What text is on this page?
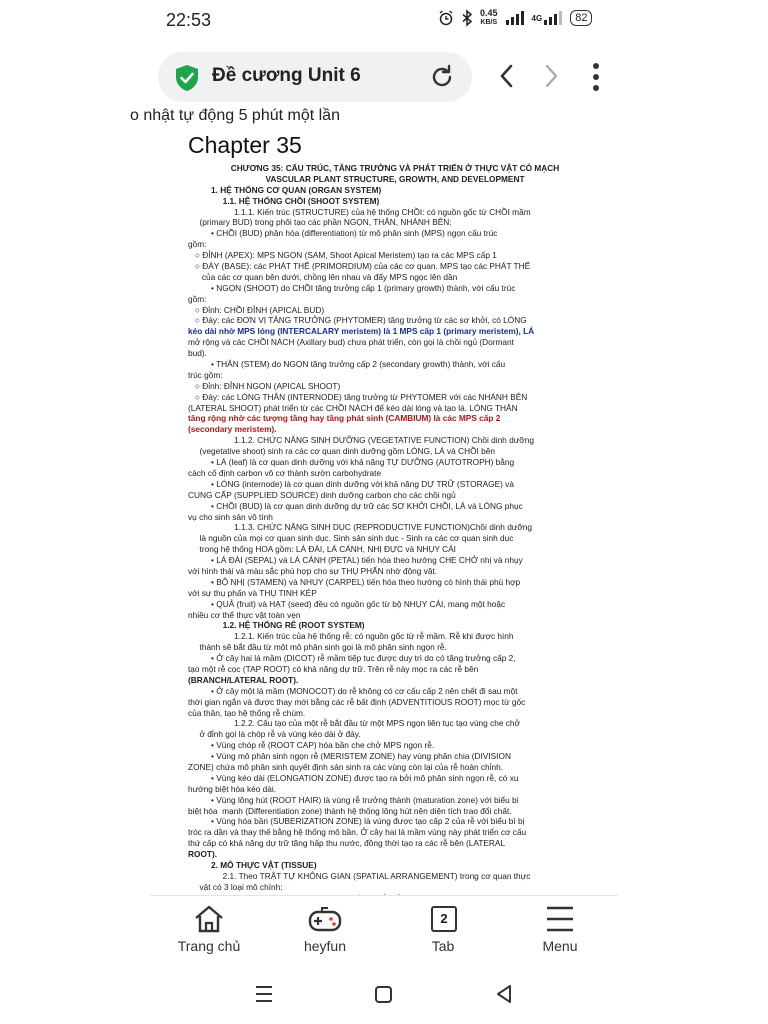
22:53	0.45
KB/S	4G	82
Đề cương Unit 6
o nhật tự động 5 phút một lần
Chapter 35
CHƯƠNG 35: CẤU TRÚC, TĂNG TRƯỞNG VÀ PHÁT TRIỂN Ở THỰC VẬT CÓ MẠCH
VASCULAR PLANT STRUCTURE, GROWTH, AND DEVELOPMENT
1. HỆ THỐNG CƠ QUAN (ORGAN SYSTEM)
1.1. HỆ THỐNG CHỒI (SHOOT SYSTEM)
1.1.1. Kiến trúc (STRUCTURE) của hệ thống CHỒI: có nguồn gốc từ CHỒI mầm
(primary BUD) trong phôi tạo các phần NGỌN, THÂN, NHÁNH BÊN:
• CHỒI (BUD) phân hóa (differentiation) từ mô phân sinh (MPS) ngọn cấu trúc
gồm:
○ ĐỈNH (APEX): MPS NGỌN (SAM, Shoot Apical Meristem) tạo ra các MPS cấp 1
○ ĐÁY (BASE): các PHÁT THỂ (PRIMORDIUM) của các cơ quan. MPS tạo các PHÁT THỂ
của các cơ quan bên dưới, chồng lên nhau và đẩy MPS ngọc lên dần
• NGỌN (SHOOT) do CHỒI tăng trưởng cấp 1 (primary growth) thành, với cấu trúc
gồm:
○ Đỉnh: CHỒI ĐỈNH (APICAL BUD)
○ Đáy: các ĐƠN VỊ TĂNG TRƯỞNG (PHYTOMER) tăng trưởng từ các sơ khởi, có LÓNG
kéo dài nhờ MPS lóng (INTERCALARY meristem) là 1 MPS cấp 1 (primary meristem), LÁ
mở rộng và các CHỒI NÁCH (Axillary bud) chưa phát triển, còn gọi là chồi ngủ (Dormant
bud).
• THÂN (STEM) do NGỌN tăng trưởng cấp 2 (secondary growth) thành, với cấu
trúc gồm:
○ Đỉnh: ĐỈNH NGỌN (APICAL SHOOT)
○ Đáy: các LÓNG THÂN (INTERNODE) tăng trưởng từ PHYTOMER với các NHÁNH BÊN
(LATERAL SHOOT) phát triển từ các CHỒI NÁCH để kéo dài lóng và tạo lá. LÓNG THÂN
tăng rộng nhờ các tượng tầng hay tầng phát sinh (CAMBIUM) là các MPS cấp 2
(secondary meristem).
1.1.2. CHỨC NĂNG SINH DƯỠNG (VEGETATIVE FUNCTION) Chồi dinh dưỡng
(vegetative shoot) sinh ra các cơ quan dinh dưỡng gồm LÓNG, LÁ và CHỒI bên
• LÁ (leaf) là cơ quan dinh dưỡng với khả năng TỰ DƯỠNG (AUTOTROPH) bằng
cách cố định carbon vô cơ thành sườn carbohydrate
• LÓNG (internode) là cơ quan dinh dưỡng với khả năng DỰ TRỮ (STORAGE) và
CUNG CẤP (SUPPLIED SOURCE) dinh dưỡng carbon cho các chồi ngủ
• CHỒI (BUD) là cơ quan dinh dưỡng dự trữ các SƠ KHỞI CHỒI, LÁ và LÓNG phục
vụ cho sinh sản vô tính
1.1.3. CHỨC NĂNG SINH DỤC (REPRODUCTIVE FUNCTION)Chồi dinh dưỡng
là nguồn của mọi cơ quan sinh dục. Sinh sản sinh dục - Sinh ra các cơ quan sinh dục
trong hệ thống HOA gồm: LÁ ĐÀI, LÁ CÁNH, NHỊ ĐỰC và NHỤY CÁI
• LÁ ĐÀI (SEPAL) và LÁ CÁNH (PETAL) tiến hóa theo hướng CHE CHỞ nhị và nhụy
với hình thái và màu sắc phù hợp cho sự THỤ PHẤN nhờ động vật.
• BỘ NHỊ (STAMEN) và NHỤY (CARPEL) tiến hóa theo hướng có hình thái phù hợp
với sự thụ phấn và THỤ TINH KÉP
• QUẢ (fruit) và HẠT (seed) đều có nguồn gốc từ bộ NHỤY CÁI, mang một hoặc
nhiều cơ thể thực vật toàn vẹn
1.2. HỆ THỐNG RỄ (ROOT SYSTEM)
1.2.1. Kiến trúc của hệ thống rễ: có nguồn gốc từ rễ mầm. Rễ khi được hình
thành sẽ bắt đầu từ một mô phân sinh gọi là mô phân sinh ngọn rễ.
• Ở cây hai lá mầm (DICOT) rễ mầm tiếp tục được duy trì do có tăng trưởng cấp 2,
tạo một rễ cọc (TAP ROOT) có khả năng dự trữ. Trên rễ này mọc ra các rễ bên
(BRANCH/LATERAL ROOT).
• Ở cây một lá mầm (MONOCOT) do rễ không có cơ cấu cấp 2 nên chết đi sau một
thời gian ngắn và được thay mới bằng các rễ bất định (ADVENTITIOUS ROOT) mọc từ gốc
của thân, tạo hệ thống rễ chùm.
1.2.2. Cấu tạo của một rễ bắt đầu từ một MPS ngọn liên tục tạo vùng che chở
ở đỉnh gọi là chóp rễ và vùng kéo dài ở đáy.
• Vùng chóp rễ (ROOT CAP) hóa bần che chở MPS ngọn rễ.
• Vùng mô phân sinh ngọn rễ (MERISTEM ZONE) hay vùng phân chia (DIVISION
ZONE) chứa mô phân sinh quyết định sản sinh ra các vùng còn lại của rễ hoàn chỉnh.
• Vùng kéo dài (ELONGATION ZONE) được tạo ra bởi mô phân sinh ngọn rễ, có xu
hướng biệt hóa kéo dài.
• Vùng lông hút (ROOT HAIR) là vùng rễ trưởng thành (maturation zone) với biểu bì
biệt hóa  mạnh (Differentiation zone) thành hệ thống lông hút nên diện tích trao đổi chất.
• Vùng hóa bần (SUBERIZATION ZONE) là vùng được tạo cấp 2 của rễ với biểu bì bị
tróc ra dần và thay thế bằng hệ thống mô bần. Ở cây hai lá mầm vùng này phát triển cơ cấu
thứ cấp có khả năng dự trữ tăng hấp thu nước, đồng thời tạo ra các rễ bên (LATERAL
ROOT).
2. MÔ THỰC VẬT (TISSUE)
2.1. Theo TRẬT TỰ KHÔNG GIAN (SPATIAL ARRANGEMENT) trong cơ quan thực
vật có 3 loại mô chính:
Trang chủ	heyfun
2
Tab	Menu
